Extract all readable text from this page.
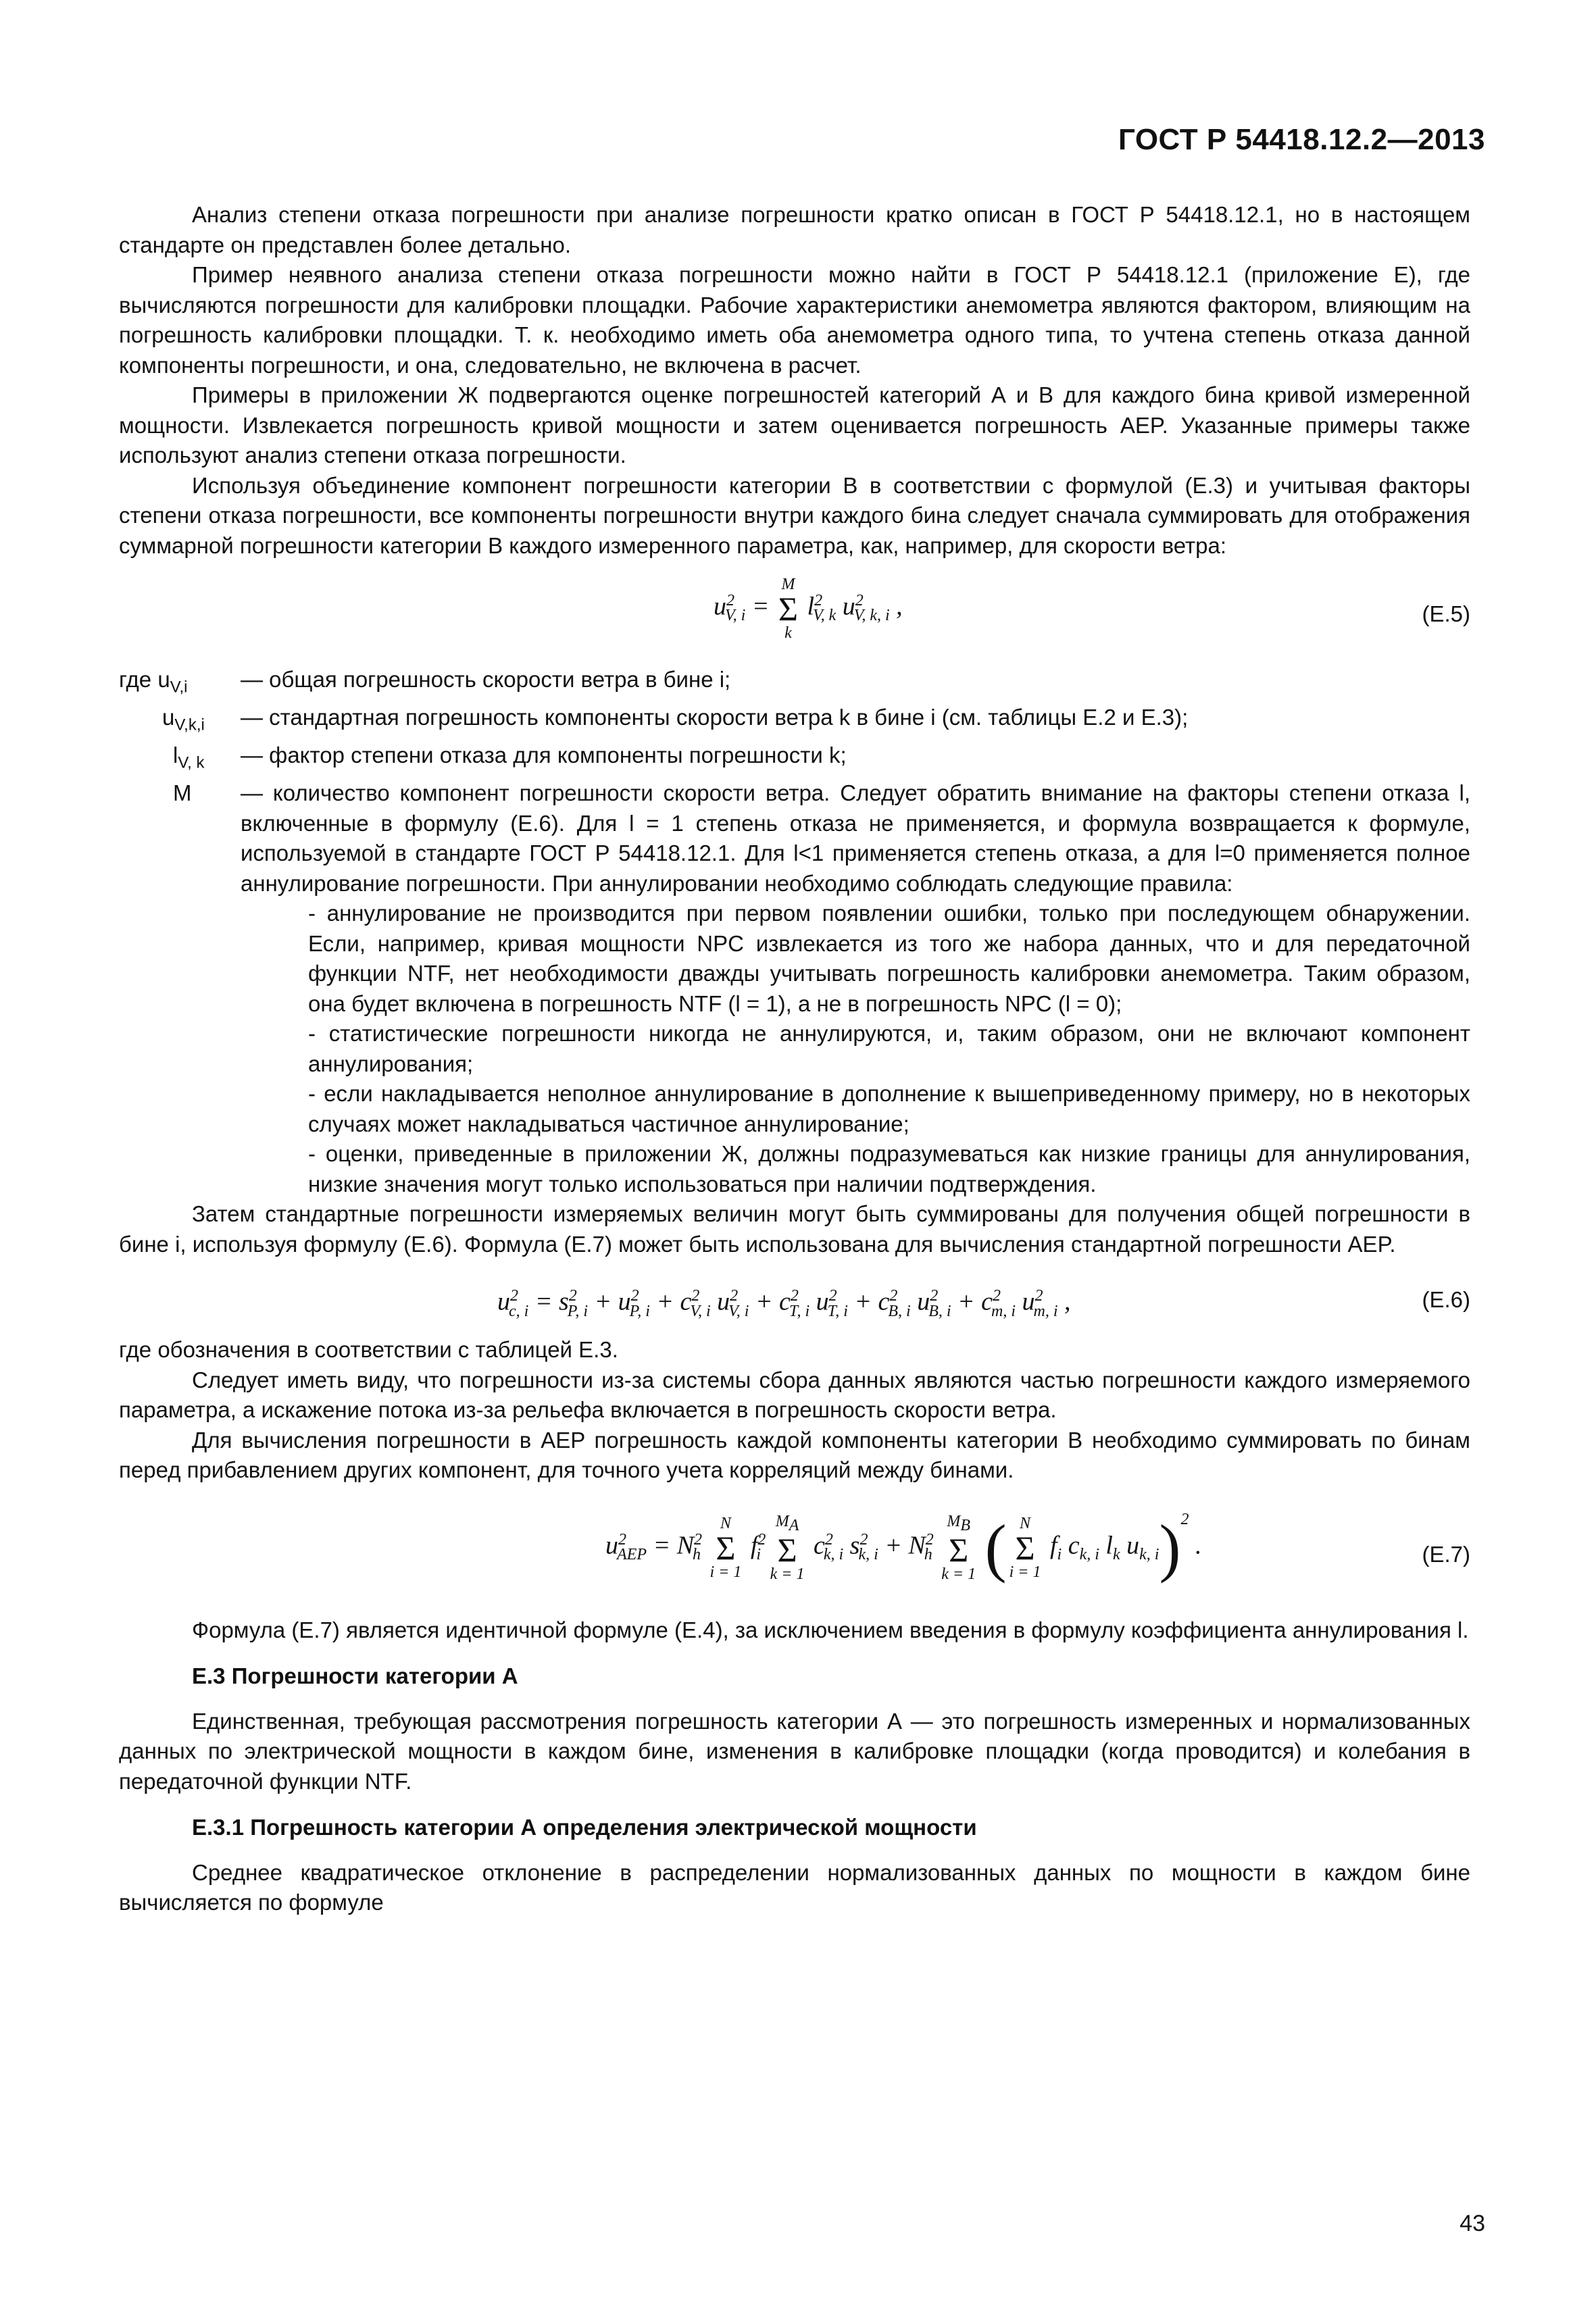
ГОСТ Р 54418.12.2—2013

Анализ степени отказа погрешности при анализе погрешности кратко описан в ГОСТ Р 54418.12.1, но в настоящем стандарте он представлен более детально.

Пример неявного анализа степени отказа погрешности можно найти в ГОСТ Р 54418.12.1 (приложение Е), где вычисляются погрешности для калибровки площадки. Рабочие характеристики анемометра являются фактором, влияющим на погрешность калибровки площадки. Т. к. необходимо иметь оба анемометра одного типа, то учтена степень отказа данной компоненты погрешности, и она, следовательно, не включена в расчет.

Примеры в приложении Ж подвергаются оценке погрешностей категорий А и В для каждого бина кривой измеренной мощности. Извлекается погрешность кривой мощности и затем оценивается погрешность AEP. Указанные примеры также используют анализ степени отказа погрешности.

Используя объединение компонент погрешности категории В в соответствии с формулой (Е.3) и учитывая факторы степени отказа погрешности, все компоненты погрешности внутри каждого бина следует сначала суммировать для отображения суммарной погрешности категории В каждого измеренного параметра, как, например, для скорости ветра:

$u^2_{V, i}$ =
M
Σ
k
$l^2_{V, k}$ $u^2_{V, k, i}$ ,	(Е.5)
где $u_{V,i}$	— общая погрешность скорости ветра в бине i;
$u_{V,k,i}$	— стандартная погрешность компоненты скорости ветра k в бине i (см. таблицы Е.2 и Е.3);
$l_{V, k}$	— фактор степени отказа для компоненты погрешности k;
M	— количество компонент погрешности скорости ветра. Следует обратить внимание на факторы степени отказа l, включенные в формулу (Е.6). Для l = 1 степень отказа не применяется, и формула возвращается к формуле, используемой в стандарте ГОСТ Р 54418.12.1. Для l<1 применяется степень отказа, а для l=0 применяется полное аннулирование погрешности. При аннулировании необходимо соблюдать следующие правила:

- аннулирование не производится при первом появлении ошибки, только при последующем обнаружении. Если, например, кривая мощности NPC извлекается из того же набора данных, что и для передаточной функции NTF, нет необходимости дважды учитывать погрешность калибровки анемометра. Таким образом, она будет включена в погрешность NTF (l = 1), а не в погрешность NPC (l = 0);

- статистические погрешности никогда не аннулируются, и, таким образом, они не включают компонент аннулирования;

- если накладывается неполное аннулирование в дополнение к вышеприведенному примеру, но в некоторых случаях может накладываться частичное аннулирование;

- оценки, приведенные в приложении Ж, должны подразумеваться как низкие границы для аннулирования, низкие значения могут только использоваться при наличии подтверждения.

Затем стандартные погрешности измеряемых величин могут быть суммированы для получения общей погрешности в бине i, используя формулу (Е.6). Формула (Е.7) может быть использована для вычисления стандартной погрешности AEP.

$u^2_{c, i} = s^2_{P, i} + u^2_{P, i} + c^2_{V, i}$ $u^2_{V, i} + c^2_{T, i}$ $u^2_{T, i} + c^2_{B, i}$ $u^2_{B, i} + c^2_{m, i}$ $u^2_{m, i}$ ,	(Е.6)

где обозначения в соответствии с таблицей Е.3.

Следует иметь виду, что погрешности из-за системы сбора данных являются частью погрешности каждого измеряемого параметра, а искажение потока из-за рельефа включается в погрешность скорости ветра.

Для вычисления погрешности в AEP погрешность каждой компоненты категории В необходимо суммировать по бинам перед прибавлением других компонент, для точного учета корреляций между бинами.

$u^2_{AEP} = N^2_h$
N
Σ
i = 1
$f^2_i$
$M_A$
Σ
k = 1
$c^2_{k, i}$ $s^2_{k, i} + N^2_h$
$M_B$
Σ
k = 1 ( N
Σ
i = 1
$f_i$ $c_{k, i}$ $l_k$ $u_{k, i})^2$ .	(Е.7)

Формула (Е.7) является идентичной формуле (Е.4), за исключением введения в формулу коэффициента аннулирования l.

Е.3 Погрешности категории А

Единственная, требующая рассмотрения погрешность категории А — это погрешность измеренных и нормализованных данных по электрической мощности в каждом бине, изменения в калибровке площадки (когда проводится) и колебания в передаточной функции NTF.

Е.3.1 Погрешность категории А определения электрической мощности

Среднее квадратическое отклонение в распределении нормализованных данных по мощности в каждом бине вычисляется по формуле

43
